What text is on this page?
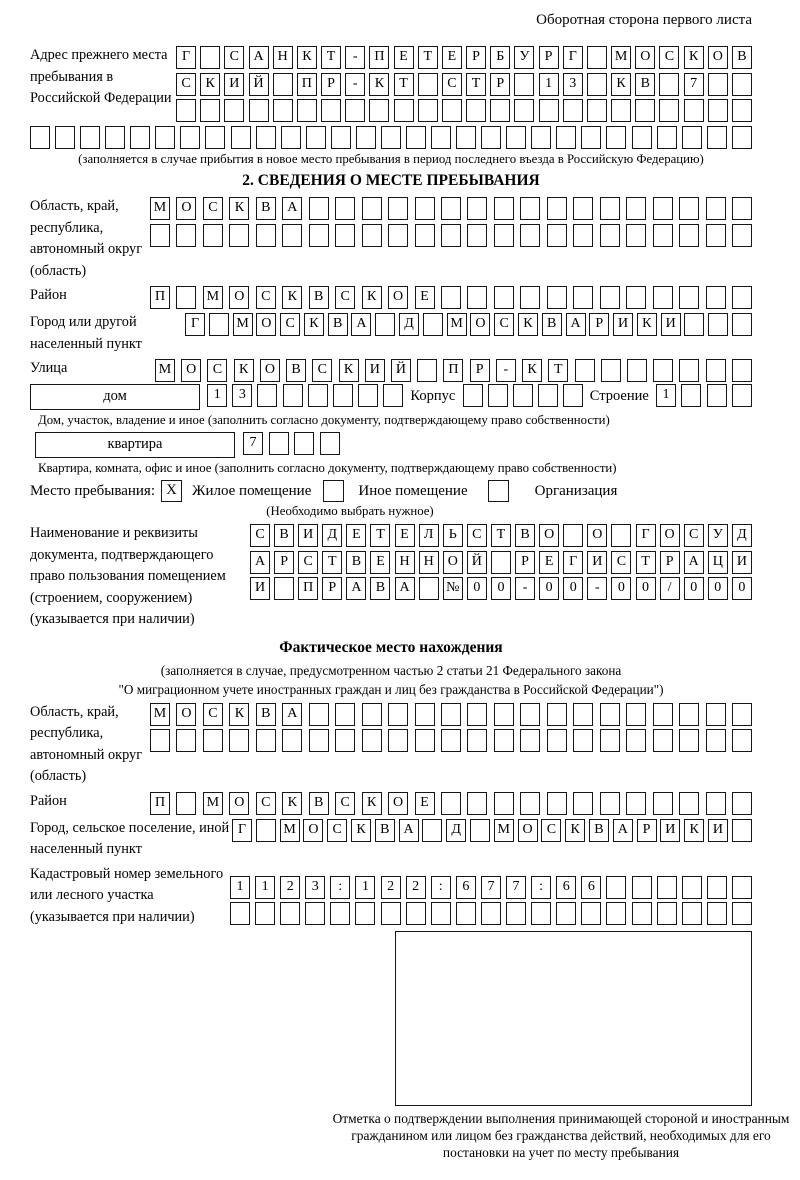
Оборотная сторона первого листа
Адрес прежнего места пребывания в Российской Федерации
Г	С	А	Н	К	Т	-	П	Е	Т	Е	Р	Б	У	Р	Г	М О	С	К	О	В
С	К	И	Й	П	Р	-	К	Т	С	Т	Р	1	3	К	В	7
(заполняется в случае прибытия в новое место пребывания в период последнего въезда в Российскую Федерацию)
2. СВЕДЕНИЯ О МЕСТЕ ПРЕБЫВАНИЯ
Область, край, республика, автономный округ (область)
М	О	С	К	В	А
Район	П	М	О	С	К	В	С	К	О	Е
Город или другой населенный пункт
Г	М О	С	К	В	А	Д	М О	С	К	В	А	Р	И	К	И
Улица	М	О	С	К	О	В	С	К	И	Й	П	Р	-	К	Т
дом	1	3	Корпус	Строение 1
Дом, участок, владение и иное (заполнить согласно документу, подтверждающему право собственности)
квартира	7
Квартира, комната, офис и иное (заполнить согласно документу, подтверждающему право собственности)
Место пребывания: X	Жилое помещение	Иное помещение	Организация
(Необходимо выбрать нужное)
Наименование и реквизиты документа, подтверждающего право пользования помещением (строением, сооружением) (указывается при наличии)
С	В	И	Д	Е	Т	Е	Л	Ь	С	Т	В	О	О	Г	О	С	У	Д
А	Р	С	Т	В	Е	Н Н О Й	Р	Е	Г	И	С	Т	Р	А Ц И
И	П	Р	А	В	А	№ 0	0	-	0	0	-	0	0	/	0	0	0
Фактическое место нахождения
(заполняется в случае, предусмотренном частью 2 статьи 21 Федерального закона
"О миграционном учете иностранных граждан и лиц без гражданства в Российской Федерации")
Область, край, республика, автономный округ (область)
М	О	С	К	В	А
Район	П	М	О	С	К	В	С	К	О	Е
Город, сельское поселение, иной населенный пункт
Г	М О	С	К	В	А	Д	М О	С	К	В	А	Р	И	К	И
Кадастровый номер земельного или лесного участка (указывается при наличии)
1	1	2	3	:	1	2	2	:	6	7	7	:	6	6
Отметка о подтверждении выполнения принимающей стороной и иностранным гражданином или лицом без гражданства действий, необходимых для его постановки на учет по месту пребывания
